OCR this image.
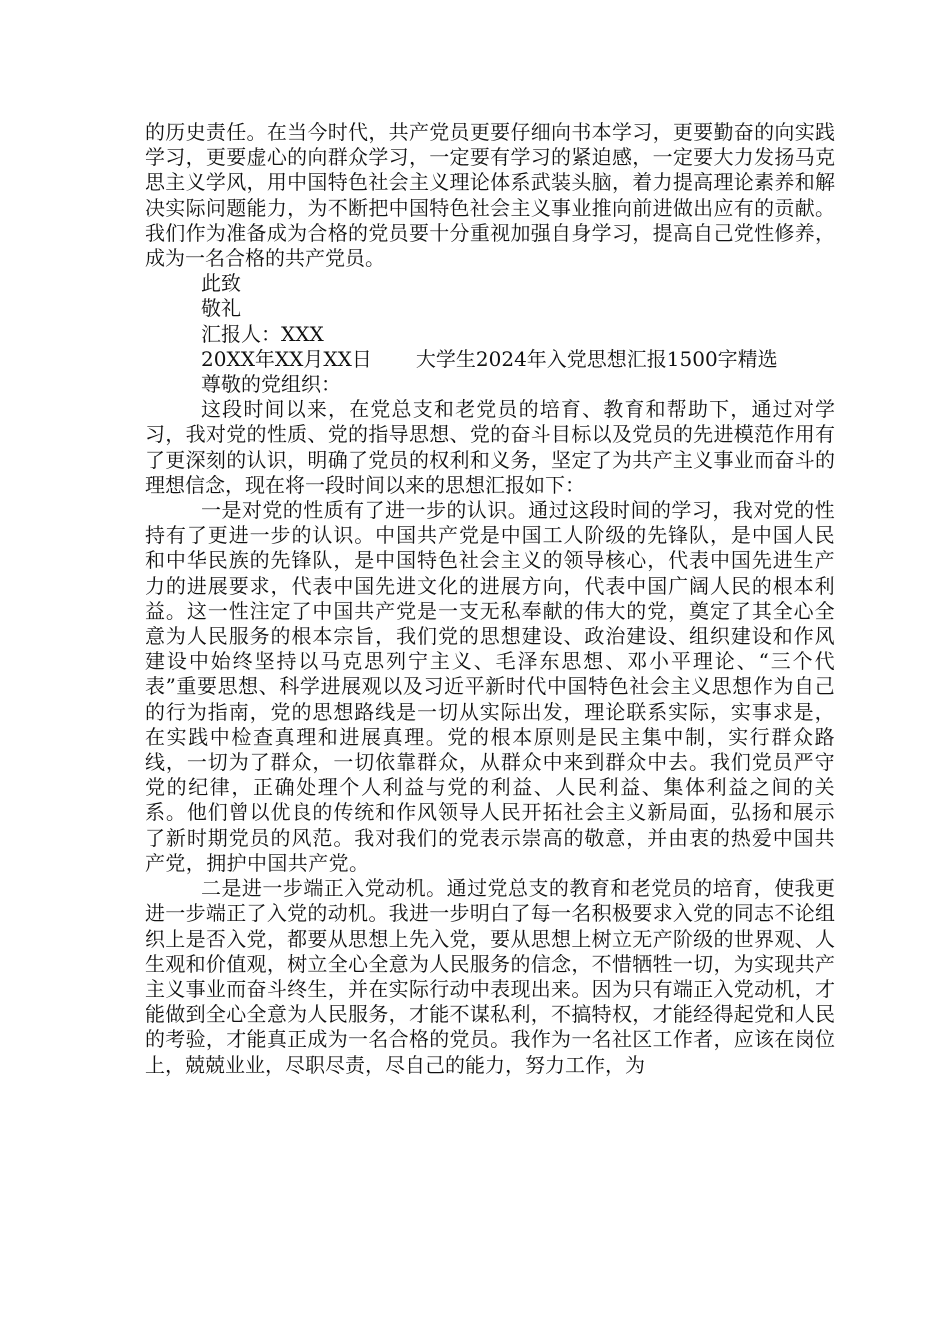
的历史责任。在当今时代，共产党员更要仔细向书本学习，更要勤奋的向实践学习，更要虚心的向群众学习，一定要有学习的紧迫感，一定要大力发扬马克思主义学风，用中国特色社会主义理论体系武装头脑，着力提高理论素养和解决实际问题能力，为不断把中国特色社会主义事业推向前进做出应有的贡献。我们作为准备成为合格的党员要十分重视加强自身学习，提高自己党性修养，成为一名合格的共产党员。

此致

敬礼

汇报人：XXX

20XX年XX月XX日 大学生2024年入党思想汇报1500字精选

尊敬的党组织：

这段时间以来，在党总支和老党员的培育、教育和帮助下，通过对学习，我对党的性质、党的指导思想、党的奋斗目标以及党员的先进模范作用有了更深刻的认识，明确了党员的权利和义务，坚定了为共产主义事业而奋斗的理想信念，现在将一段时间以来的思想汇报如下：

一是对党的性质有了进一步的认识。通过这段时间的学习，我对党的性持有了更进一步的认识。中国共产党是中国工人阶级的先锋队，是中国人民和中华民族的先锋队，是中国特色社会主义的领导核心，代表中国先进生产力的进展要求，代表中国先进文化的进展方向，代表中国广阔人民的根本利益。这一性注定了中国共产党是一支无私奉献的伟大的党，奠定了其全心全意为人民服务的根本宗旨，我们党的思想建设、政治建设、组织建设和作风建设中始终坚持以马克思列宁主义、毛泽东思想、邓小平理论、“三个代表”重要思想、科学进展观以及习近平新时代中国特色社会主义思想作为自己的行为指南，党的思想路线是一切从实际出发，理论联系实际，实事求是，在实践中检查真理和进展真理。党的根本原则是民主集中制，实行群众路线，一切为了群众，一切依靠群众，从群众中来到群众中去。我们党员严守党的纪律，正确处理个人利益与党的利益、人民利益、集体利益之间的关系。他们曾以优良的传统和作风领导人民开拓社会主义新局面，弘扬和展示了新时期党员的风范。我对我们的党表示崇高的敬意，并由衷的热爱中国共产党，拥护中国共产党。

二是进一步端正入党动机。通过党总支的教育和老党员的培育，使我更进一步端正了入党的动机。我进一步明白了每一名积极要求入党的同志不论组织上是否入党，都要从思想上先入党，要从思想上树立无产阶级的世界观、人生观和价值观，树立全心全意为人民服务的信念，不惜牺牲一切，为实现共产主义事业而奋斗终生，并在实际行动中表现出来。因为只有端正入党动机，才能做到全心全意为人民服务，才能不谋私利，不搞特权，才能经得起党和人民的考验，才能真正成为一名合格的党员。我作为一名社区工作者，应该在岗位上，兢兢业业，尽职尽责，尽自己的能力，努力工作，为
